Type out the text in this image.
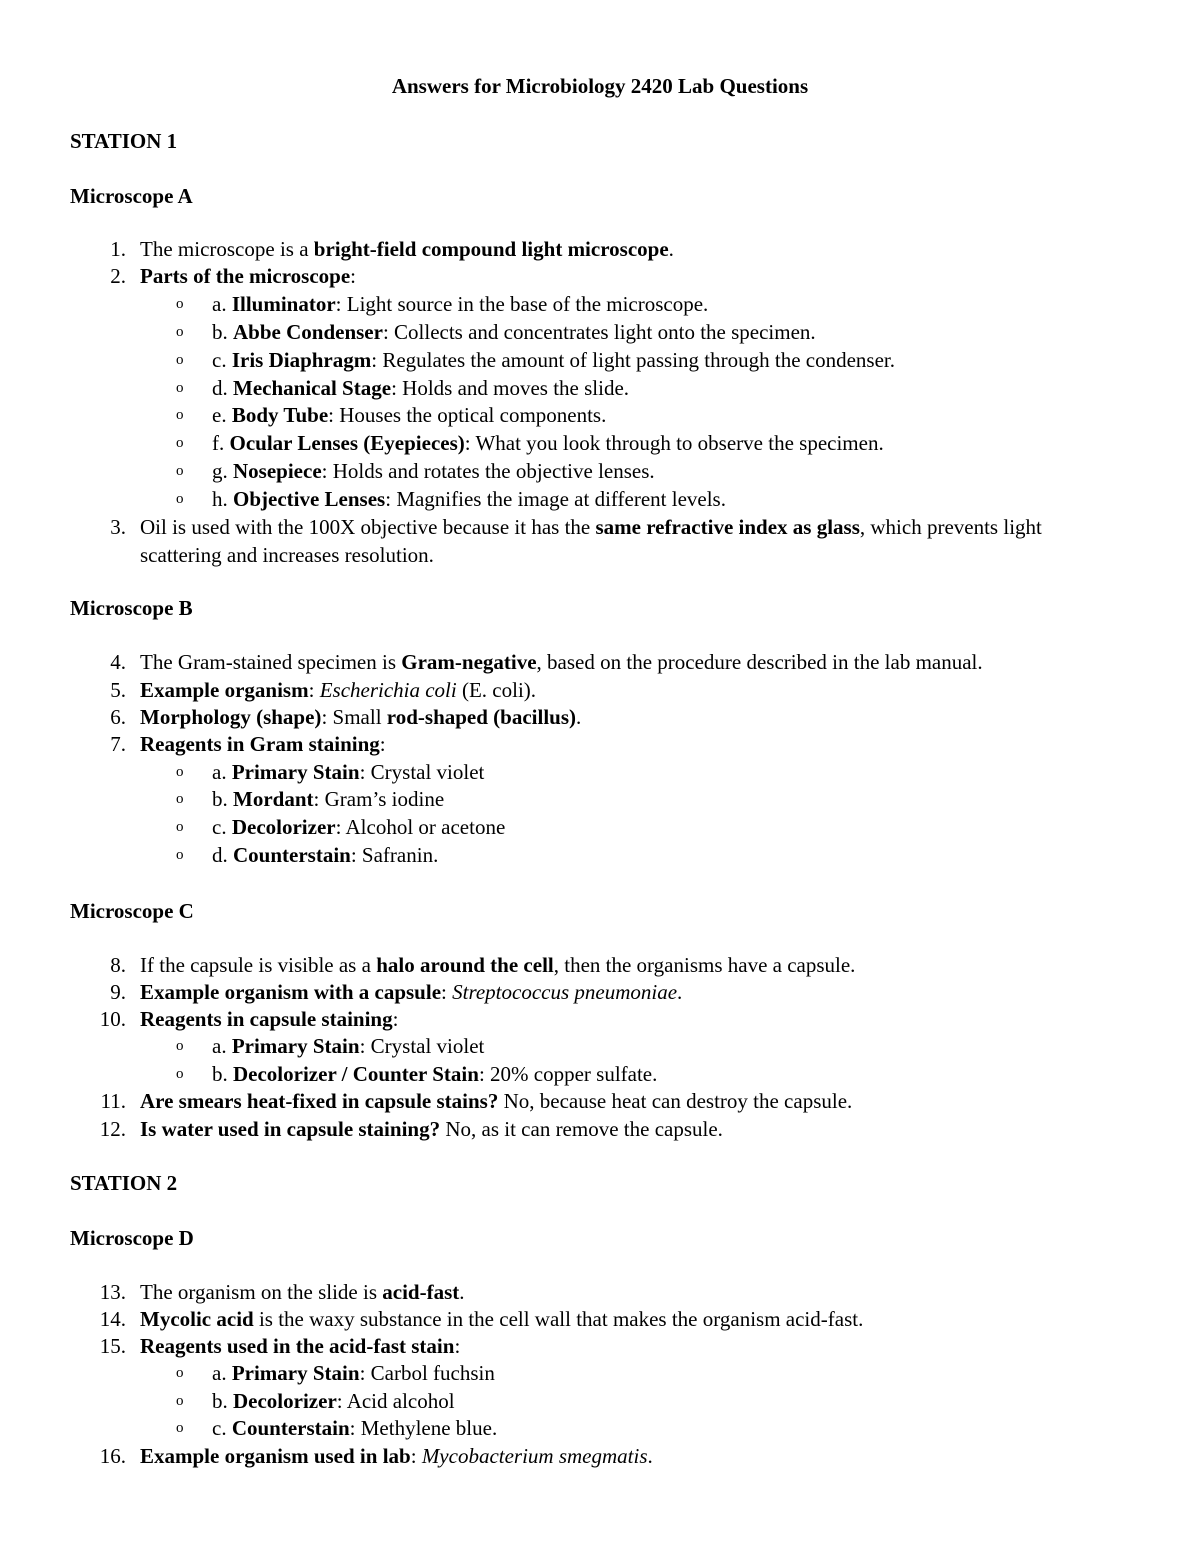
Answers for Microbiology 2420 Lab Questions
STATION 1
Microscope A
1. The microscope is a bright-field compound light microscope.
2. Parts of the microscope:
o a. Illuminator: Light source in the base of the microscope.
o b. Abbe Condenser: Collects and concentrates light onto the specimen.
o c. Iris Diaphragm: Regulates the amount of light passing through the condenser.
o d. Mechanical Stage: Holds and moves the slide.
o e. Body Tube: Houses the optical components.
o f. Ocular Lenses (Eyepieces): What you look through to observe the specimen.
o g. Nosepiece: Holds and rotates the objective lenses.
o h. Objective Lenses: Magnifies the image at different levels.
3. Oil is used with the 100X objective because it has the same refractive index as glass, which prevents light scattering and increases resolution.
Microscope B
4. The Gram-stained specimen is Gram-negative, based on the procedure described in the lab manual.
5. Example organism: Escherichia coli (E. coli).
6. Morphology (shape): Small rod-shaped (bacillus).
7. Reagents in Gram staining:
o a. Primary Stain: Crystal violet
o b. Mordant: Gram’s iodine
o c. Decolorizer: Alcohol or acetone
o d. Counterstain: Safranin.
Microscope C
8. If the capsule is visible as a halo around the cell, then the organisms have a capsule.
9. Example organism with a capsule: Streptococcus pneumoniae.
10. Reagents in capsule staining:
o a. Primary Stain: Crystal violet
o b. Decolorizer / Counter Stain: 20% copper sulfate.
11. Are smears heat-fixed in capsule stains? No, because heat can destroy the capsule.
12. Is water used in capsule staining? No, as it can remove the capsule.
STATION 2
Microscope D
13. The organism on the slide is acid-fast.
14. Mycolic acid is the waxy substance in the cell wall that makes the organism acid-fast.
15. Reagents used in the acid-fast stain:
o a. Primary Stain: Carbol fuchsin
o b. Decolorizer: Acid alcohol
o c. Counterstain: Methylene blue.
16. Example organism used in lab: Mycobacterium smegmatis.
